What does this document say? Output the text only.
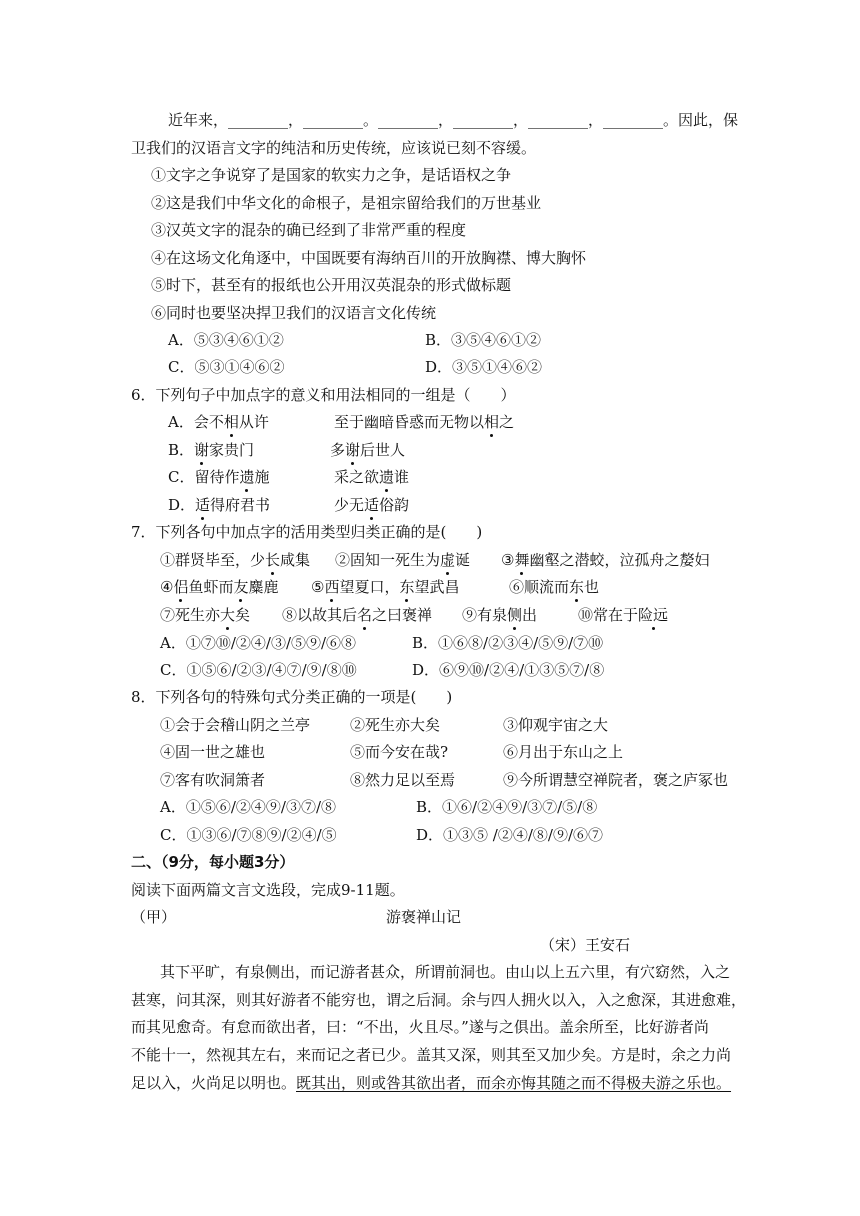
近年来，________，________。________，________，________，________。因此，保
卫我们的汉语言文字的纯洁和历史传统，应该说已刻不容缓。
①文字之争说穿了是国家的软实力之争，是话语权之争
②这是我们中华文化的命根子，是祖宗留给我们的万世基业
③汉英文字的混杂的确已经到了非常严重的程度
④在这场文化角逐中，中国既要有海纳百川的开放胸襟、博大胸怀
⑤时下，甚至有的报纸也公开用汉英混杂的形式做标题
⑥同时也要坚决捍卫我们的汉语言文化传统
A．⑤③④⑥①②	B．③⑤④⑥①②
C．⑤③①④⑥②	D．③⑤①④⑥②
6．下列句子中加点字的意义和用法相同的一组是（　　）
A．会不相从许	至于幽暗昏惑而无物以相之
B．谢家贵门	多谢后世人
C．留待作遗施	采之欲遗谁
D．适得府君书	少无适俗韵
7．下列各句中加点字的活用类型归类正确的是(　　)
①群贤毕至，少长咸集 ②固知一死生为虚诞 ③舞幽壑之潜蛟，泣孤舟之嫠妇
④侣鱼虾而友麋鹿 ⑤西望夏口，东望武昌	⑥顺流而东也
⑦死生亦大矣 ⑧以故其后名之曰褒禅 ⑨有泉侧出	⑩常在于险远
A．①⑦⑩/②④/③/⑤⑨/⑥⑧	B．①⑥⑧/②③④/⑤⑨/⑦⑩
C．①⑤⑥/②③/④⑦/⑨/⑧⑩	D．⑥⑨⑩/②④/①③⑤⑦/⑧
8．下列各句的特殊句式分类正确的一项是(　　)
①会于会稽山阴之兰亭	②死生亦大矣	③仰观宇宙之大
④固一世之雄也	⑤而今安在哉?	⑥月出于东山之上
⑦客有吹洞箫者	⑧然力足以至焉	⑨今所谓慧空禅院者，褒之庐冢也
A．①⑤⑥/②④⑨/③⑦/⑧	B．①⑥/②④⑨/③⑦/⑤/⑧
C．①③⑥/⑦⑧⑨/②④/⑤	D．①③⑤ /②④/⑧/⑨/⑥⑦
二、（9分，每小题3分）
阅读下面两篇文言文选段，完成9-11题。
（甲）	游褒禅山记
（宋）王安石
其下平旷，有泉侧出，而记游者甚众，所谓前洞也。由山以上五六里，有穴窈然，入之
甚寒，问其深，则其好游者不能穷也，谓之后洞。余与四人拥火以入，入之愈深，其进愈难，
而其见愈奇。有怠而欲出者，曰：“不出，火且尽。”遂与之俱出。盖余所至，比好游者尚
不能十一，然视其左右，来而记之者已少。盖其又深，则其至又加少矣。方是时，余之力尚
足以入，火尚足以明也。既其出，则或咎其欲出者，而余亦悔其随之而不得极夫游之乐也。
